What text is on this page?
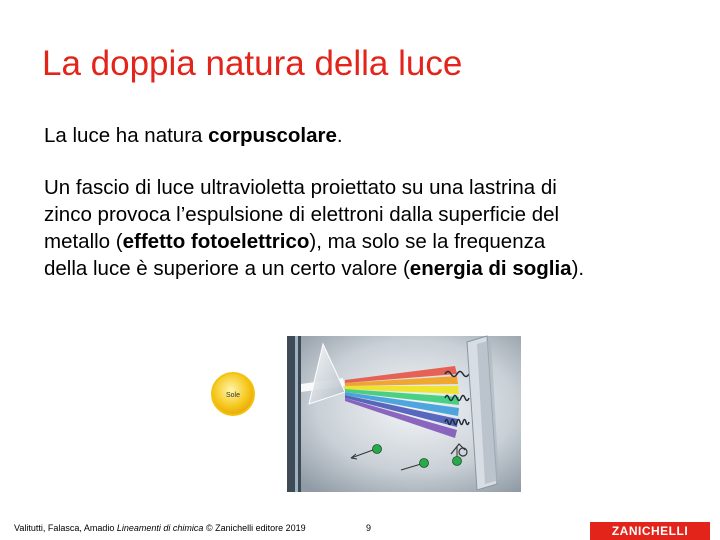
La doppia natura della luce
La luce ha natura corpuscolare.
Un fascio di luce ultravioletta proiettato su una lastrina di
zinco provoca l’espulsione di elettroni dalla superficie del
metallo (effetto fotoelettrico), ma solo se la frequenza
della luce è superiore a un certo valore (energia di soglia).
Sole
Valitutti, Falasca, Amadio Lineamenti di chimica © Zanichelli editore 2019	9	ZANICHELLI
